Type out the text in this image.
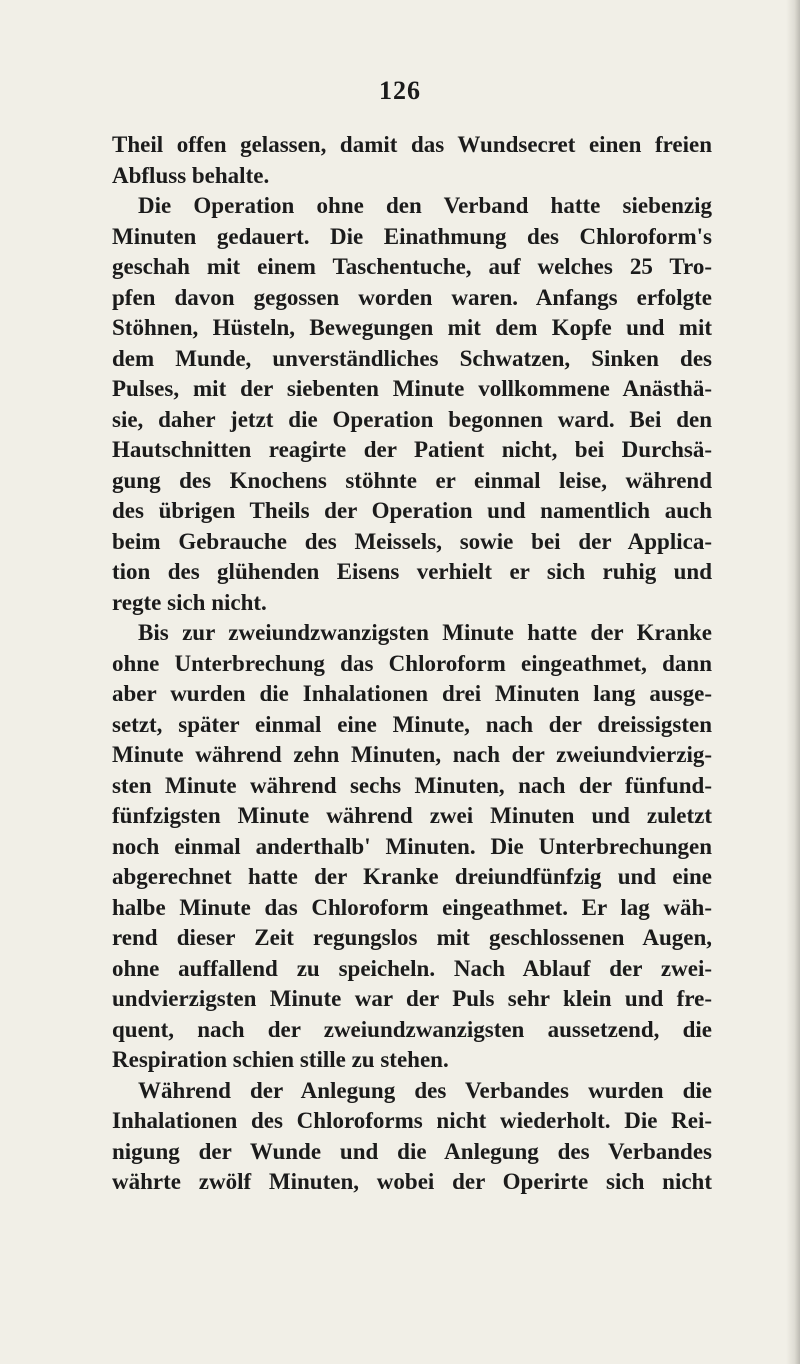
126
Theil offen gelassen, damit das Wundsecret einen freien
Abfluss behalte.
Die Operation ohne den Verband hatte siebenzig
Minuten gedauert. Die Einathmung des Chloroform's
geschah mit einem Taschentuche, auf welches 25 Tro-
pfen davon gegossen worden waren. Anfangs erfolgte
Stöhnen, Hüsteln, Bewegungen mit dem Kopfe und mit
dem Munde, unverständliches Schwatzen, Sinken des
Pulses, mit der siebenten Minute vollkommene Anästhä-
sie, daher jetzt die Operation begonnen ward. Bei den
Hautschnitten reagirte der Patient nicht, bei Durchsä-
gung des Knochens stöhnte er einmal leise, während
des übrigen Theils der Operation und namentlich auch
beim Gebrauche des Meissels, sowie bei der Applica-
tion des glühenden Eisens verhielt er sich ruhig und
regte sich nicht.
Bis zur zweiundzwanzigsten Minute hatte der Kranke
ohne Unterbrechung das Chloroform eingeathmet, dann
aber wurden die Inhalationen drei Minuten lang ausge-
setzt, später einmal eine Minute, nach der dreissigsten
Minute während zehn Minuten, nach der zweiundvierzig-
sten Minute während sechs Minuten, nach der fünfund-
fünfzigsten Minute während zwei Minuten und zuletzt
noch einmal anderthalb' Minuten. Die Unterbrechungen
abgerechnet hatte der Kranke dreiundfünfzig und eine
halbe Minute das Chloroform eingeathmet. Er lag wäh-
rend dieser Zeit regungslos mit geschlossenen Augen,
ohne auffallend zu speicheln. Nach Ablauf der zwei-
undvierzigsten Minute war der Puls sehr klein und fre-
quent, nach der zweiundzwanzigsten aussetzend, die
Respiration schien stille zu stehen.
Während der Anlegung des Verbandes wurden die
Inhalationen des Chloroforms nicht wiederholt. Die Rei-
nigung der Wunde und die Anlegung des Verbandes
währte zwölf Minuten, wobei der Operirte sich nicht
